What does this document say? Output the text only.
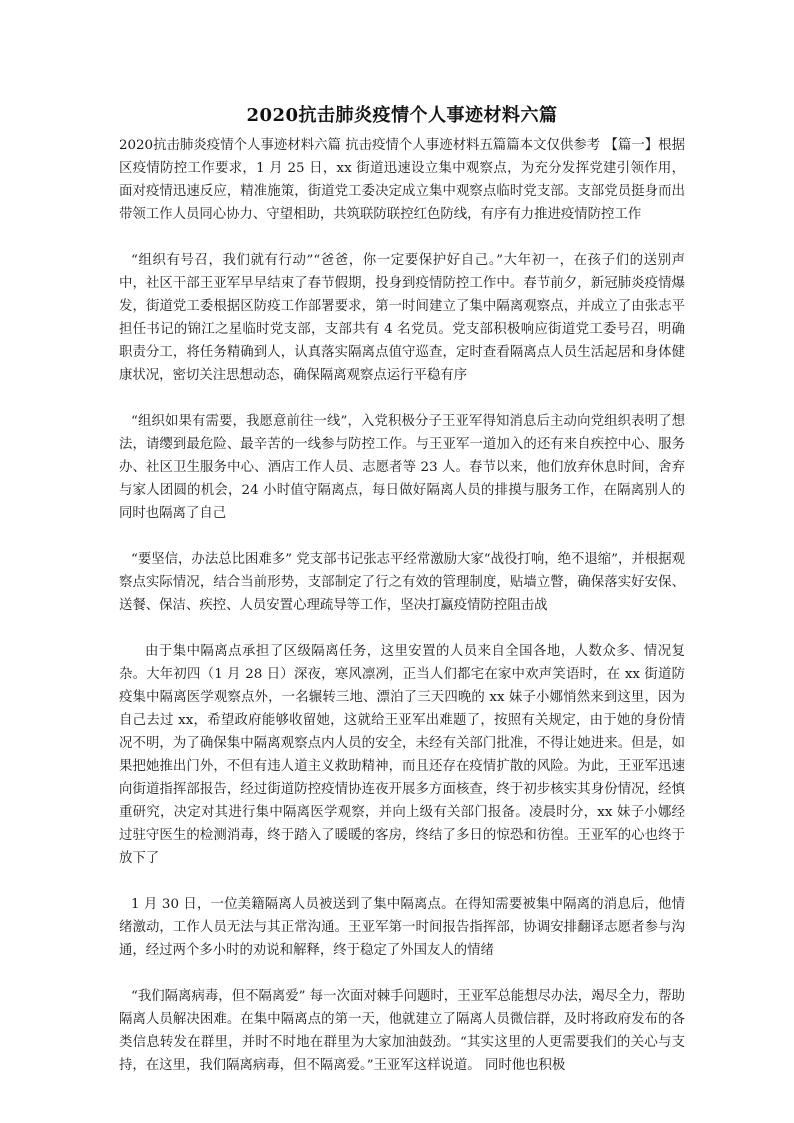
2020抗击肺炎疫情个人事迹材料六篇

2020抗击肺炎疫情个人事迹材料六篇 抗击疫情个人事迹材料五篇篇本文仅供参考 【篇一】根据区疫情防控工作要求，1 月 25 日，xx 街道迅速设立集中观察点，为充分发挥党建引领作用，面对疫情迅速反应，精准施策，街道党工委决定成立集中观察点临时党支部。支部党员挺身而出带领工作人员同心协力、守望相助，共筑联防联控红色防线，有序有力推进疫情防控工作

“组织有号召，我们就有行动”“爸爸，你一定要保护好自己。”大年初一，在孩子们的送别声中，社区干部王亚军早早结束了春节假期，投身到疫情防控工作中。春节前夕，新冠肺炎疫情爆发，街道党工委根据区防疫工作部署要求，第一时间建立了集中隔离观察点，并成立了由张志平担任书记的锦江之星临时党支部，支部共有 4 名党员。党支部积极响应街道党工委号召，明确职责分工，将任务精确到人，认真落实隔离点值守巡查，定时查看隔离点人员生活起居和身体健康状况，密切关注思想动态，确保隔离观察点运行平稳有序

“组织如果有需要，我愿意前往一线”，入党积极分子王亚军得知消息后主动向党组织表明了想法，请缨到最危险、最辛苦的一线参与防控工作。与王亚军一道加入的还有来自疾控中心、服务办、社区卫生服务中心、酒店工作人员、志愿者等 23 人。春节以来，他们放弃休息时间，舍弃与家人团圆的机会，24 小时值守隔离点，每日做好隔离人员的排摸与服务工作，在隔离别人的同时也隔离了自己

“要坚信，办法总比困难多” 党支部书记张志平经常激励大家“战役打响，绝不退缩”，并根据观察点实际情况，结合当前形势，支部制定了行之有效的管理制度，贴墙立瞥，确保落实好安保、送餐、保洁、疾控、人员安置心理疏导等工作，坚决打赢疫情防控阻击战

由于集中隔离点承担了区级隔离任务，这里安置的人员来自全国各地，人数众多、情况复杂。大年初四（1 月 28 日）深夜，寒风凛冽，正当人们都宅在家中欢声笑语时，在 xx 街道防疫集中隔离医学观察点外，一名辗转三地、漂泊了三天四晚的 xx 妹子小娜悄然来到这里，因为自己去过 xx，希望政府能够收留她，这就给王亚军出难题了，按照有关规定，由于她的身份情况不明，为了确保集中隔离观察点内人员的安全，未经有关部门批准，不得让她进来。但是，如果把她推出门外，不但有违人道主义救助精神，而且还存在疫情扩散的风险。为此，王亚军迅速向街道指挥部报告，经过街道防控疫情协连夜开展多方面核查，终于初步核实其身份情况，经慎重研究，决定对其进行集中隔离医学观察，并向上级有关部门报备。凌晨时分，xx 妹子小娜经过驻守医生的检测消毒，终于踏入了暖暖的客房，终结了多日的惊恐和彷徨。王亚军的心也终于放下了

1 月 30 日，一位美籍隔离人员被送到了集中隔离点。在得知需要被集中隔离的消息后，他情绪激动，工作人员无法与其正常沟通。王亚军第一时间报告指挥部，协调安排翻译志愿者参与沟通，经过两个多小时的劝说和解释，终于稳定了外国友人的情绪

“我们隔离病毒，但不隔离爱” 每一次面对棘手问题时，王亚军总能想尽办法，竭尽全力，帮助隔离人员解决困难。在集中隔离点的第一天，他就建立了隔离人员微信群，及时将政府发布的各类信息转发在群里，并时不时地在群里为大家加油鼓劲。“其实这里的人更需要我们的关心与支持，在这里，我们隔离病毒，但不隔离爱。”王亚军这样说道。 同时他也积极
